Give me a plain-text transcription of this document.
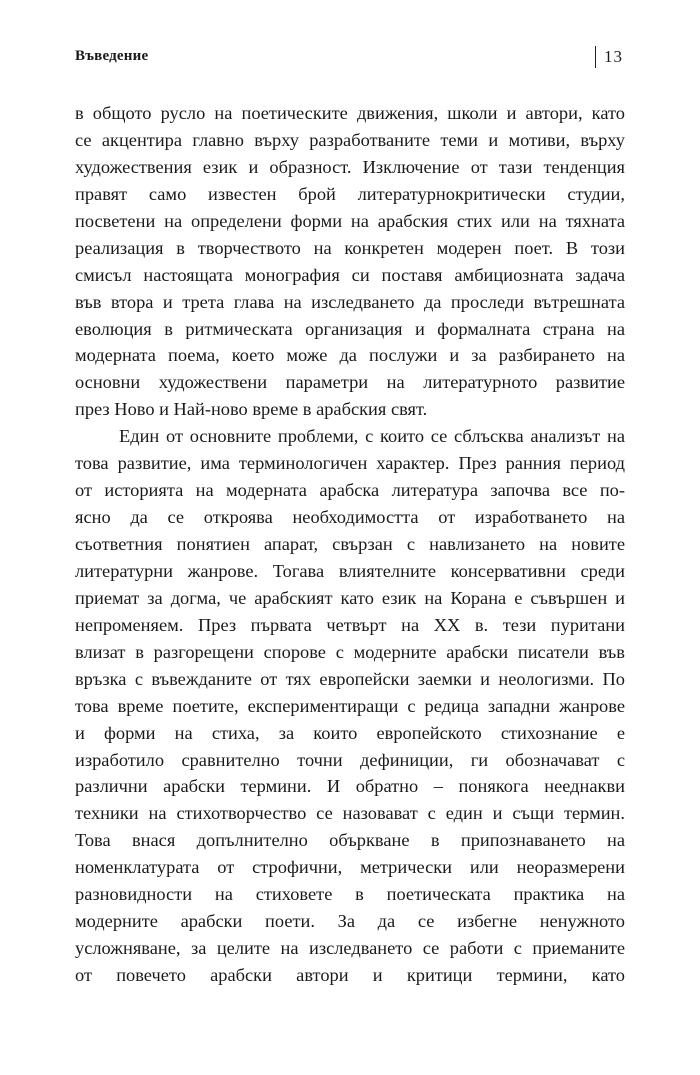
Въведение	13
в общото русло на поетическите движения, школи и автори, като
се акцентира главно върху разработваните теми и мотиви, върху
художествения език и образност. Изключение от тази тенденция
правят само известен брой литературнокритически студии,
посветени на определени форми на арабския стих или на тяхната
реализация в творчеството на конкретен модерен поет. В този
смисъл настоящата монография си поставя амбициозната задача
във втора и трета глава на изследването да проследи вътрешната
еволюция в ритмическата организация и формалната страна на
модерната поема, което може да послужи и за разбирането на
основни художествени параметри на литературното развитие
през Ново и Най-ново време в арабския свят.
Един от основните проблеми, с които се сблъсква анализът на
това развитие, има терминологичен характер. През ранния период
от историята на модерната арабска литература започва все по-
ясно да се откроява необходимостта от изработването на
съответния понятиен апарат, свързан с навлизането на новите
литературни жанрове. Тогава влиятелните консервативни среди
приемат за догма, че арабският като език на Корана е съвършен и
непроменяем. През първата четвърт на XX в. тези пуритани
влизат в разгорещени спорове с модерните арабски писатели във
връзка с въвежданите от тях европейски заемки и неологизми. По
това време поетите, експериментиращи с редица западни жанрове
и форми на стиха, за които европейското стихознание е
изработило сравнително точни дефиниции, ги обозначават с
различни арабски термини. И обратно – понякога нееднакви
техники на стихотворчество се назовават с един и същи термин.
Това внася допълнително объркване в припознаването на
номенклатурата от строфични, метрически или неоразмерени
разновидности на стиховете в поетическата практика на
модерните арабски поети. За да се избегне ненужното
усложняване, за целите на изследването се работи с приеманите
от повечето арабски автори и критици термини, като
